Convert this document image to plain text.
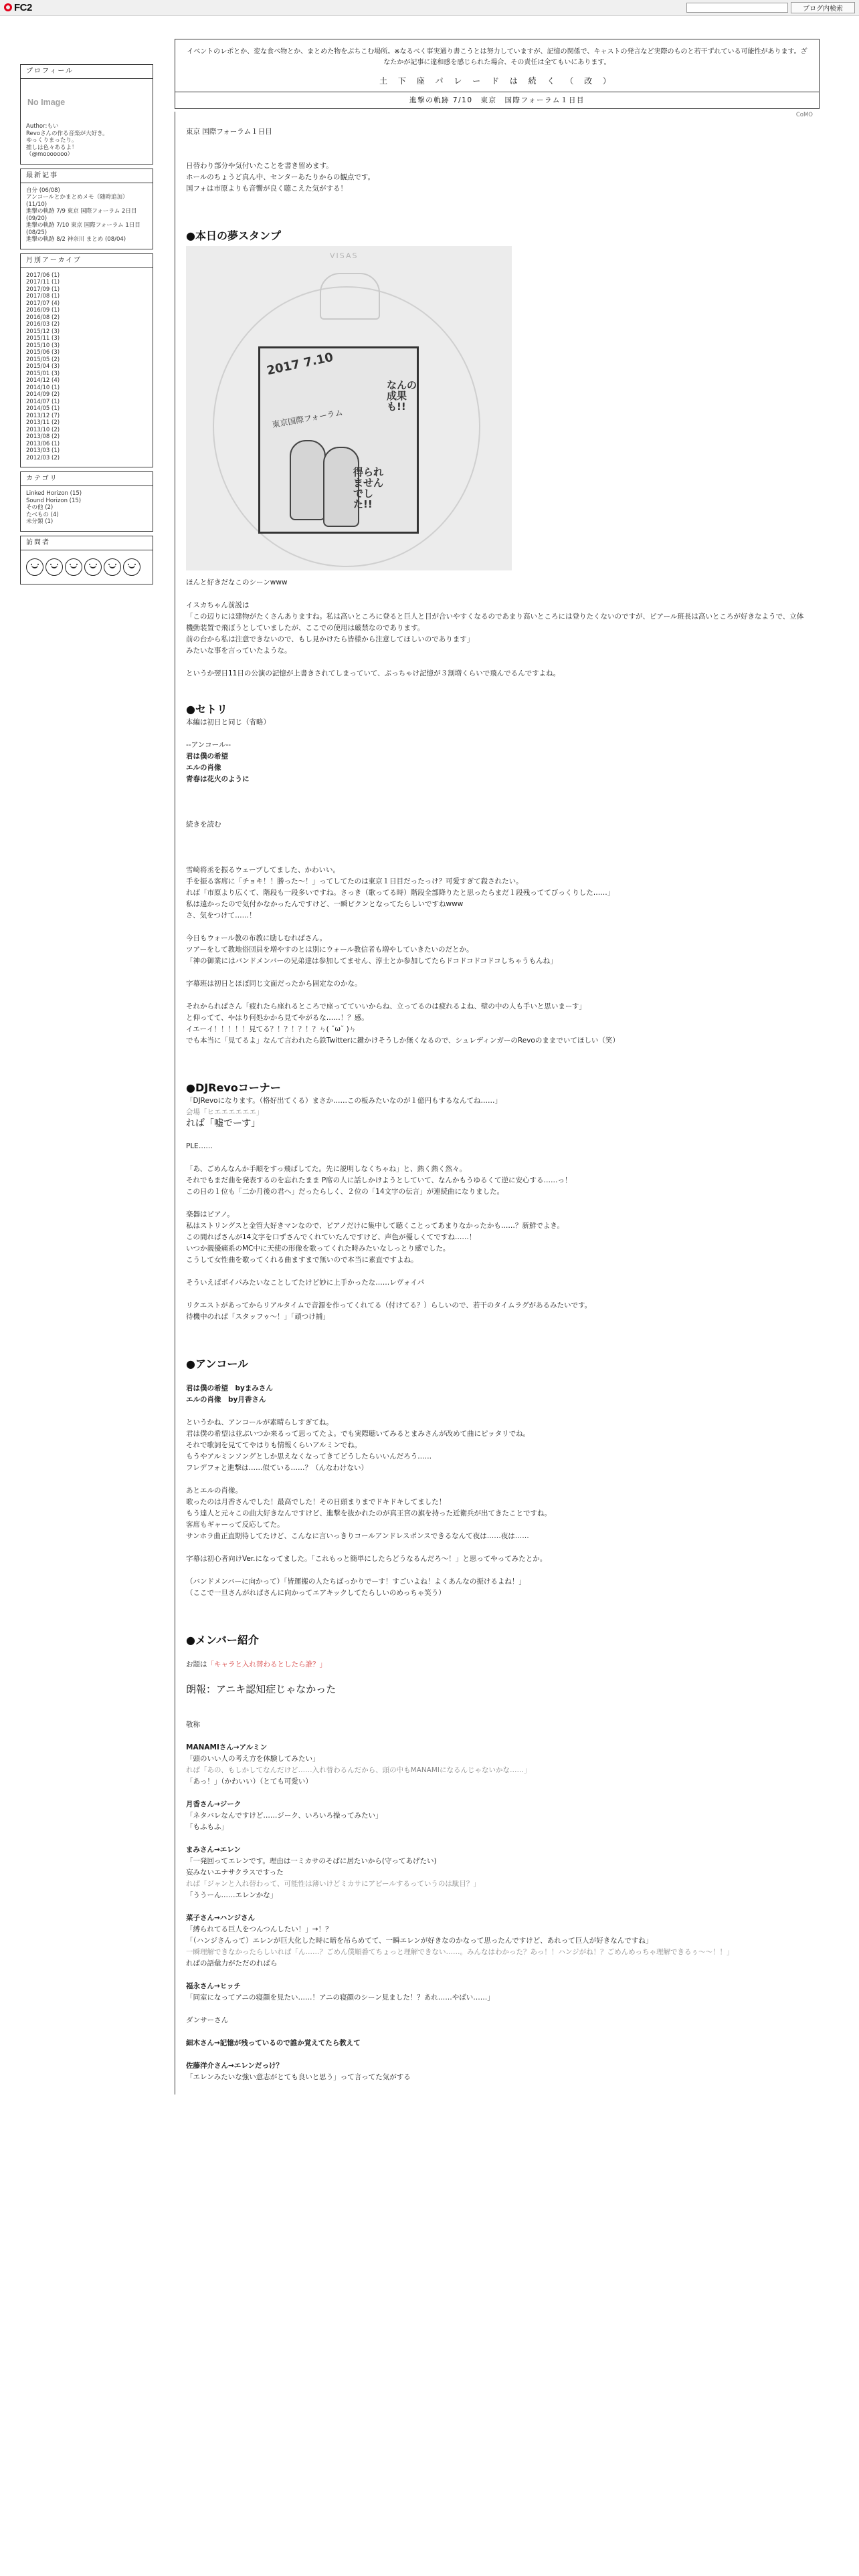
FC2	ブログ内検索
プロフィール
No Image
Author:もい
Revoさんの作る音楽が大好き。
ゆっくりまったり。
推しは色々あるよ！
（@mooooooo）
最新記事
自分 (06/08)
アンコールとかまとめメモ（随時追加） (11/10)
進撃の軌跡 7/9 東京 国際フォーラム 2日目 (09/20)
進撃の軌跡 7/10 東京 国際フォーラム 1日目 (08/25)
進撃の軌跡 8/2 神奈川 まとめ (08/04)
月別アーカイブ
2017/06 (1)
2017/11 (1)
2017/09 (1)
2017/08 (1)
2017/07 (4)
2016/09 (1)
2016/08 (2)
2016/03 (2)
2015/12 (3)
2015/11 (3)
2015/10 (3)
2015/06 (3)
2015/05 (2)
2015/04 (3)
2015/01 (3)
2014/12 (4)
2014/10 (1)
2014/09 (2)
2014/07 (1)
2014/05 (1)
2013/12 (7)
2013/11 (2)
2013/10 (2)
2013/08 (2)
2013/06 (1)
2013/03 (1)
2012/03 (2)
カテゴリ
Linked Horizon (15)
Sound Horizon (15)
その他 (2)
たべもの (4)
未分類 (1)
訪問者
イベントのレポとか、変な食べ物とか、まとめた物をぶちこむ場所。※なるべく事実通り書こうとは努力していますが、記憶の関係で、キャストの発言など実際のものと若干ずれている可能性があります。ざなたかが記事に違和感を感じられた場合、その責任は全てもいにあります。
土 下 座 パ レ ー ド は 続 く （ 改 ）
進撃の軌跡 7/10　東京　国際フォーラム１日目
CoMO
東京 国際フォーラム１日目
日替わり部分や気付いたことを書き留めます。
ホールのちょうど真ん中、センターあたりからの観点です。
国フォは市原よりも音響が良く聴こえた気がする！
●本日の夢スタンプ
VISAS
2017 7.10
東京国際フォーラム
なんの成果も!!
得られませんでした!!
ほんと好きだなこのシーンwww
イスカちゃん前説は
「この辺りには建物がたくさんありますね。私は高いところに登ると巨人と目が合いやすくなるのであまり高いところには登りたくないのですが、ピアール班長は高いところが好きなようで、立体機動装置で飛ぼうとしていましたが、ここでの使用は厳禁なのであります。
前の台から私は注意できないので、もし見かけたら皆様から注意してほしいのであります」
みたいな事を言っていたような。
というか翌日11日の公演の記憶が上書きされてしまっていて、ぶっちゃけ記憶が３割増くらいで飛んでるんですよね。
●セトリ
本編は初日と同じ（省略）
--アンコール--
君は僕の希望
エルの肖像
青春は花火のように
続きを読む
雪崎将丞を振るウェーブしてました、かわいい。
手を振る客席に「チョキ！！勝った〜！」ってしてたのは東京１日目だったっけ？可愛すぎて殺されたい。
れば「市原より広くて、階段も一段多いですね。さっき（歌ってる時）階段全部降りたと思ったらまだ１段残っててびっくりした……」
私は遠かったので気付かなかったんですけど、一瞬ピクンとなってたらしいですねwww
さ、気をつけて……！
今日もウォール教の布教に励しむれぱさん。
ツアーをして教地俗団員を増やすのとは別にウォール教信者も増やしていきたいのだとか。
「神の御業にはバンドメンバーの兄弟達は参加してません、淳士とか参加してたらドコドコドコドコしちゃうもんね」
字幕班は初日とほぼ同じ文面だったから固定なのかな。
それかられぱさん「疲れたら座れるところで座ってていいからね、立ってるのは疲れるよね、壁の中の人も手いと思いまーす」
と仰ってて、やはり何処かから見てやがるな……！？感。
イエーイ！！！！！見てる？！？！？！？ㄣ( ˘ω˘ )ㄣ
でも本当に「見てるよ」なんて言われたら鉄Twitterに鍵かけそうしか無くなるので、シュレディンガーのRevoのままでいてほしい（笑）
●DJRevoコーナー
「DJRevoになります。（格好出てくる）まさか……この板みたいなのが１億円もするなんてね……」
会場「ヒエエエエエエ」
れぱ「嘘でーす」
PLE……
「あ、ごめんなんか手順をすっ飛ばしてた。先に説明しなくちゃね」と、熱く熱く然々。
それでもまだ曲を発表するのを忘れたまま P席の人に話しかけようとしていて、なんかもうゆるくて逆に安心する……っ！
この日の１位も「二か月後の君へ」だったらしく、２位の「14文字の伝言」が連続曲になりました。
楽器はピアノ。
私はストリングスと金管大好きマンなので、ピアノだけに集中して聴くことってあまりなかったかも……？新鮮でよき。
この間れぱさんが14文字を口ずさんでくれていたんですけど、声色が優しくてですね……！
いつか親優痛系のMC中に天使の形像を歌ってくれた時みたいなしっとり感でした。
こうして女性曲を歌ってくれる曲ますまで無いので本当に素直ですよね。
そういえばボイパみたいなことしてたけど妙に上手かったな……レヴォイパ
リクエストがあってからリアルタイムで音源を作ってくれてる（付けてる？）らしいので、若干のタイムラグがあるみたいです。
待機中のれぱ「スタッフゥ〜！」「頑つけ捕」
●アンコール
君は僕の希望　byまみさん
エルの肖像　by月香さん
というかね、アンコールが素晴らしすぎてね。
君は僕の希望は並ぶいつか来るって思ってたよ。でも実際聴いてみるとまみさんが改めて曲にピッタリでね。
それで歌詞を見ててやはりも情報くらいアルミンでね。
もうやアルミンソングとしか思えなくなってきてどうしたらいいんだろう……
フレデフォと進撃は……似ている……？（んなわけない）
あとエルの肖像。
歌ったのは月香さんでした！最高でした！その日頭まりまでドキドキしてました！
もう達人と元々この曲大好きなんですけど、進撃を抜かれたのが真王宮の旗を持った近衛兵が出てきたことですね。
客席もギャーって反応してた。
サンホラ曲正直期待してたけど、こんなに言いっきりコールアンドレスポンスできるなんて夜は……夜は……
字幕は初心者向けVer.になってました。「これもっと簡単にしたらどうなるんだろ〜！」と思ってやってみたとか。
（バンドメンバーに向かって）「皆運搬の人たちばっかりでーす！すごいよね！よくあんなの振けるよね！」
（ここで一旦さんがれぱさんに向かってエアキックしてたらしいのめっちゃ笑う）
●メンバー紹介
お題は「キャラと入れ替わるとしたら誰？」
朗報：アニキ認知症じゃなかった
敬称
MANAMIさん→アルミン
「頭のいい人の考え方を体験してみたい」
れぱ「あの、もしかしてなんだけど……入れ替わるんだから、頭の中もMANAMIになるんじゃないかな……」
「あっ！」（かわいい）（とても可愛い）
月香さん→ジーク
「ネタバレなんですけど……ジーク、いろいろ操ってみたい」
「もふもふ」
まみさん→エレン
「一発回ってエレンです。理由は一ミカサのそばに居たいから(守ってあげたい)
妄みないエナサクラスですった
れぱ「ジャンと入れ替わって、可能性は薄いけどミカサにアピールするっていうのは駄目？」
「ううーん……エレンかな」
菜子さん→ハンジさん
「縛られてる巨人をつんつんしたい！」→！？
「（ハンジさんって）エレンが巨大化した時に暗を吊らめてて、一瞬エレンが好きなのかなって思ったんですけど、あれって巨人が好きなんですね」
一瞬理解できなかったらしいれぱ「ん……？ごめん僕順番てちょっと理解できない……。みんなはわかった？あっ！！ハンジがね！？ごめんめっちゃ理解できるぅ〜〜！！」
れぱの語彙力がただのれぱら
福永さん→ヒッチ
「同室になってアニの寝顔を見たい……！アニの寝顔のシーン見ました！？あれ……やばい……」
ダンサーさん
細木さん→記憶が残っているので誰か覚えてたら教えて
佐藤洋介さん→エレンだっけ？
「エレンみたいな強い意志がとても良いと思う」って言ってた気がする
